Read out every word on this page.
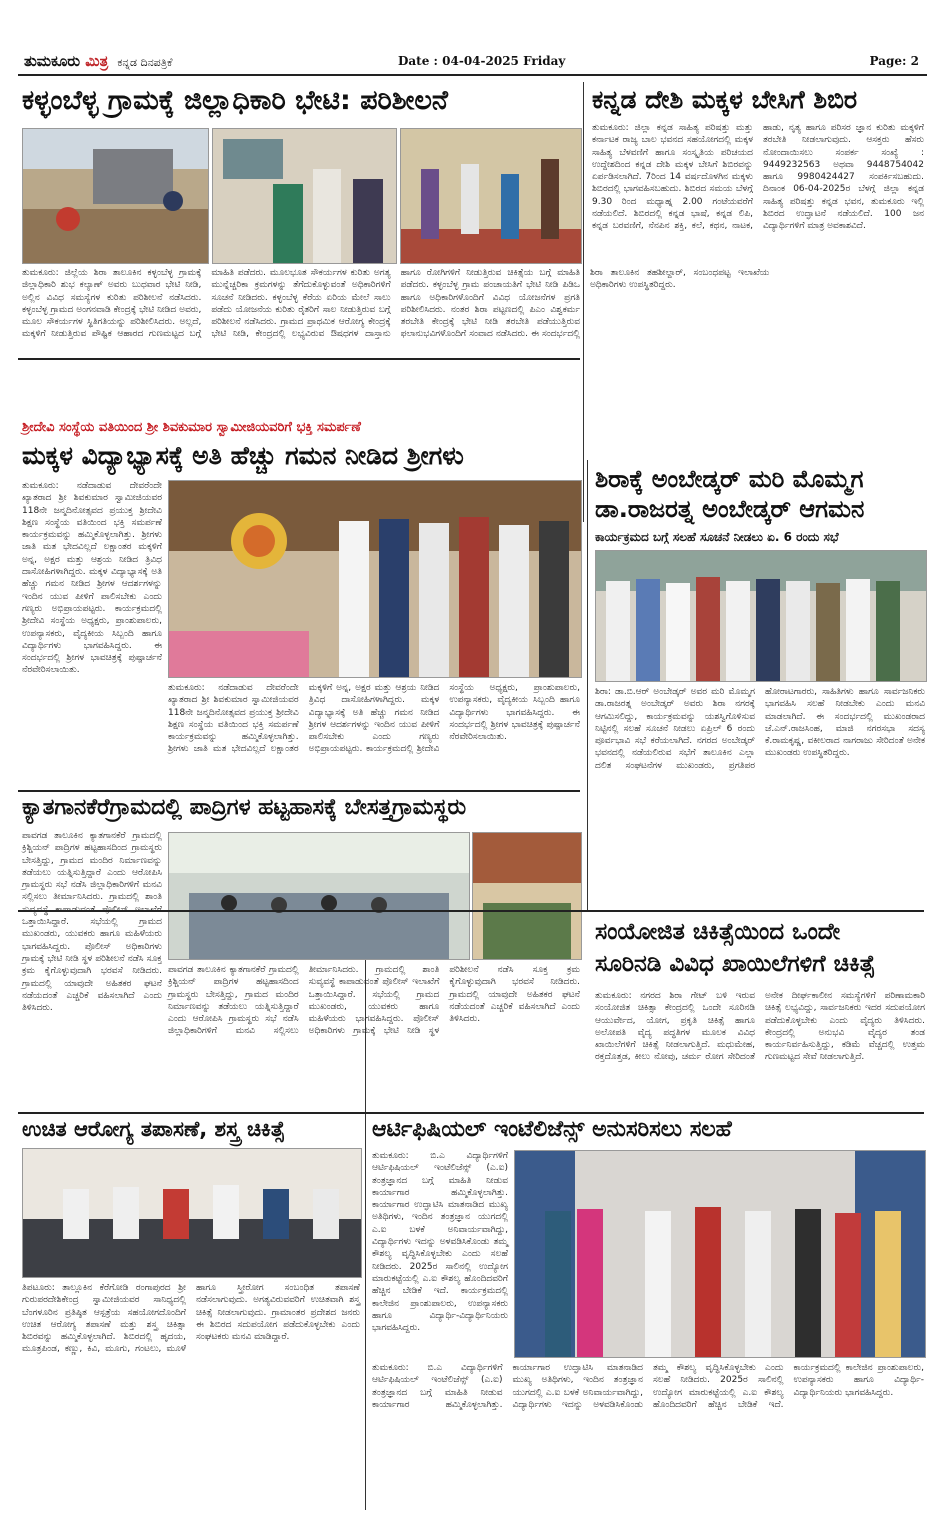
ತುಮಕೂರು ಮಿತ್ರ ಕನ್ನಡ ದಿನಪತ್ರಿಕೆ	Date : 04-04-2025 Friday	Page: 2
ಕಳ್ಳಂಬೆಳ್ಳ ಗ್ರಾಮಕ್ಕೆ ಜಿಲ್ಲಾಧಿಕಾರಿ ಭೇಟಿ: ಪರಿಶೀಲನೆ
ತುಮಕೂರು: ಜಿಲ್ಲೆಯ ಶಿರಾ ತಾಲೂಕಿನ ಕಳ್ಳಂಬೆಳ್ಳ ಗ್ರಾಮಕ್ಕೆ ಜಿಲ್ಲಾಧಿಕಾರಿ ಶುಭ ಕಲ್ಯಾಣ್ ಅವರು ಬುಧವಾರ ಭೇಟಿ ನೀಡಿ, ಅಲ್ಲಿನ ವಿವಿಧ ಸಮಸ್ಯೆಗಳ ಕುರಿತು ಪರಿಶೀಲನೆ ನಡೆಸಿದರು. ಕಳ್ಳಂಬೆಳ್ಳ ಗ್ರಾಮದ ಅಂಗನವಾಡಿ ಕೇಂದ್ರಕ್ಕೆ ಭೇಟಿ ನೀಡಿದ ಅವರು, ಮೂಲ ಸೌಕರ್ಯಗಳ ಸ್ಥಿತಿಗತಿಯನ್ನು ಪರಿಶೀಲಿಸಿದರು. ಅಲ್ಲದೆ, ಮಕ್ಕಳಿಗೆ ನೀಡುತ್ತಿರುವ ಪೌಷ್ಟಿಕ ಆಹಾರದ ಗುಣಮಟ್ಟದ ಬಗ್ಗೆ ಮಾಹಿತಿ ಪಡೆದರು. ಮೂಲಭೂತ ಸೌಕರ್ಯಗಳ ಕುರಿತು ಅಗತ್ಯ ಮುನ್ನೆಚ್ಚರಿಕಾ ಕ್ರಮಗಳನ್ನು ತೆಗೆದುಕೊಳ್ಳುವಂತೆ ಅಧಿಕಾರಿಗಳಿಗೆ ಸೂಚನೆ ನೀಡಿದರು. ಕಳ್ಳಂಬೆಳ್ಳ ಕೆರೆಯ ಏರಿಯ ಮೇಲೆ ಸಾಲು ಪಡೆದು ಯೋಜನೆಯ ಕುರಿತು ರೈತರಿಗೆ ಸಾಲ ನೀಡುತ್ತಿರುವ ಬಗ್ಗೆ ಪರಿಶೀಲನೆ ನಡೆಸಿದರು. ಗ್ರಾಮದ ಪ್ರಾಥಮಿಕ ಆರೋಗ್ಯ ಕೇಂದ್ರಕ್ಕೆ ಭೇಟಿ ನೀಡಿ, ಕೇಂದ್ರದಲ್ಲಿ ಲಭ್ಯವಿರುವ ಔಷಧಗಳ ದಾಸ್ತಾನು ಹಾಗೂ ರೋಗಿಗಳಿಗೆ ನೀಡುತ್ತಿರುವ ಚಿಕಿತ್ಸೆಯ ಬಗ್ಗೆ ಮಾಹಿತಿ ಪಡೆದರು. ಕಳ್ಳಂಬೆಳ್ಳ ಗ್ರಾಮ ಪಂಚಾಯತಿಗೆ ಭೇಟಿ ನೀಡಿ ಪಿಡಿಒ ಹಾಗೂ ಅಧಿಕಾರಿಗಳೊಂದಿಗೆ ವಿವಿಧ ಯೋಜನೆಗಳ ಪ್ರಗತಿ ಪರಿಶೀಲಿಸಿದರು. ನಂತರ ಶಿರಾ ಪಟ್ಟಣದಲ್ಲಿ ಪಿಎಂ ವಿಶ್ವಕರ್ಮ ತರಬೇತಿ ಕೇಂದ್ರಕ್ಕೆ ಭೇಟಿ ನೀಡಿ ತರಬೇತಿ ಪಡೆಯುತ್ತಿರುವ ಫಲಾನುಭವಿಗಳೊಂದಿಗೆ ಸಂವಾದ ನಡೆಸಿದರು. ಈ ಸಂದರ್ಭದಲ್ಲಿ ಶಿರಾ ತಾಲೂಕಿನ ತಹಶೀಲ್ದಾರ್, ಸಂಬಂಧಪಟ್ಟ ಇಲಾಖೆಯ ಅಧಿಕಾರಿಗಳು ಉಪಸ್ಥಿತರಿದ್ದರು.
ಕನ್ನಡ ದೇಶಿ ಮಕ್ಕಳ ಬೇಸಿಗೆ ಶಿಬಿರ
ತುಮಕೂರು: ಜಿಲ್ಲಾ ಕನ್ನಡ ಸಾಹಿತ್ಯ ಪರಿಷತ್ತು ಮತ್ತು ಕರ್ನಾಟಕ ರಾಜ್ಯ ಬಾಲ ಭವನದ ಸಹಯೋಗದಲ್ಲಿ ಮಕ್ಕಳ ಸಾಹಿತ್ಯ ಬೆಳವಣಿಗೆ ಹಾಗೂ ಸಂಸ್ಕೃತಿಯ ಪರಿಚಯದ ಉದ್ದೇಶದಿಂದ ಕನ್ನಡ ದೇಶಿ ಮಕ್ಕಳ ಬೇಸಿಗೆ ಶಿಬಿರವನ್ನು ಏರ್ಪಡಿಸಲಾಗಿದೆ. 7ರಿಂದ 14 ವರ್ಷದೊಳಗಿನ ಮಕ್ಕಳು ಶಿಬಿರದಲ್ಲಿ ಭಾಗವಹಿಸಬಹುದು. ಶಿಬಿರದ ಸಮಯ ಬೆಳಗ್ಗೆ 9.30 ರಿಂದ ಮಧ್ಯಾಹ್ನ 2.00 ಗಂಟೆಯವರೆಗೆ ನಡೆಯಲಿದೆ. ಶಿಬಿರದಲ್ಲಿ ಕನ್ನಡ ಭಾಷೆ, ಕನ್ನಡ ಲಿಪಿ, ಕನ್ನಡ ಬರವಣಿಗೆ, ನೆನಪಿನ ಶಕ್ತಿ, ಕಲೆ, ಕಥನ, ನಾಟಕ, ಹಾಡು, ನೃತ್ಯ ಹಾಗೂ ಪರಿಸರ ಜ್ಞಾನ ಕುರಿತು ಮಕ್ಕಳಿಗೆ ತರಬೇತಿ ನೀಡಲಾಗುವುದು. ಆಸಕ್ತರು ಹೆಸರು ನೋಂದಾಯಿಸಲು ಸಂಪರ್ಕ ಸಂಖ್ಯೆ : 9449232563 ಅಥವಾ 9448754042 ಹಾಗೂ 9980424427 ಸಂಪರ್ಕಿಸಬಹುದು. ದಿನಾಂಕ 06-04-2025ರ ಬೆಳಗ್ಗೆ ಜಿಲ್ಲಾ ಕನ್ನಡ ಸಾಹಿತ್ಯ ಪರಿಷತ್ತು ಕನ್ನಡ ಭವನ, ತುಮಕೂರು ಇಲ್ಲಿ ಶಿಬಿರದ ಉದ್ಘಾಟನೆ ನಡೆಯಲಿದೆ. 100 ಜನ ವಿದ್ಯಾರ್ಥಿಗಳಿಗೆ ಮಾತ್ರ ಅವಕಾಶವಿದೆ.
ಶ್ರೀದೇವಿ ಸಂಸ್ಥೆಯ ವತಿಯಿಂದ ಶ್ರೀ ಶಿವಕುಮಾರ ಸ್ವಾಮೀಜಿಯವರಿಗೆ ಭಕ್ತಿ ಸಮರ್ಪಣೆ
ಮಕ್ಕಳ ವಿದ್ಯಾಭ್ಯಾಸಕ್ಕೆ ಅತಿ ಹೆಚ್ಚು ಗಮನ ನೀಡಿದ ಶ್ರೀಗಳು
ತುಮಕೂರು: ನಡೆದಾಡುವ ದೇವರೆಂದೇ ಖ್ಯಾತರಾದ ಶ್ರೀ ಶಿವಕುಮಾರ ಸ್ವಾಮೀಜಿಯವರ 118ನೇ ಜನ್ಮದಿನೋತ್ಸವದ ಪ್ರಯುಕ್ತ ಶ್ರೀದೇವಿ ಶಿಕ್ಷಣ ಸಂಸ್ಥೆಯ ವತಿಯಿಂದ ಭಕ್ತಿ ಸಮರ್ಪಣೆ ಕಾರ್ಯಕ್ರಮವನ್ನು ಹಮ್ಮಿಕೊಳ್ಳಲಾಗಿತ್ತು. ಶ್ರೀಗಳು ಜಾತಿ ಮತ ಭೇದವಿಲ್ಲದೆ ಲಕ್ಷಾಂತರ ಮಕ್ಕಳಿಗೆ ಅನ್ನ, ಅಕ್ಷರ ಮತ್ತು ಆಶ್ರಯ ನೀಡಿದ ತ್ರಿವಿಧ ದಾಸೋಹಿಗಳಾಗಿದ್ದರು. ಮಕ್ಕಳ ವಿದ್ಯಾಭ್ಯಾಸಕ್ಕೆ ಅತಿ ಹೆಚ್ಚು ಗಮನ ನೀಡಿದ ಶ್ರೀಗಳ ಆದರ್ಶಗಳನ್ನು ಇಂದಿನ ಯುವ ಪೀಳಿಗೆ ಪಾಲಿಸಬೇಕು ಎಂದು ಗಣ್ಯರು ಅಭಿಪ್ರಾಯಪಟ್ಟರು. ಕಾರ್ಯಕ್ರಮದಲ್ಲಿ ಶ್ರೀದೇವಿ ಸಂಸ್ಥೆಯ ಅಧ್ಯಕ್ಷರು, ಪ್ರಾಂಶುಪಾಲರು, ಉಪನ್ಯಾಸಕರು, ವೈದ್ಯಕೀಯ ಸಿಬ್ಬಂದಿ ಹಾಗೂ ವಿದ್ಯಾರ್ಥಿಗಳು ಭಾಗವಹಿಸಿದ್ದರು. ಈ ಸಂದರ್ಭದಲ್ಲಿ ಶ್ರೀಗಳ ಭಾವಚಿತ್ರಕ್ಕೆ ಪುಷ್ಪಾರ್ಚನೆ ನೆರವೇರಿಸಲಾಯಿತು.
ತುಮಕೂರು: ನಡೆದಾಡುವ ದೇವರೆಂದೇ ಖ್ಯಾತರಾದ ಶ್ರೀ ಶಿವಕುಮಾರ ಸ್ವಾಮೀಜಿಯವರ 118ನೇ ಜನ್ಮದಿನೋತ್ಸವದ ಪ್ರಯುಕ್ತ ಶ್ರೀದೇವಿ ಶಿಕ್ಷಣ ಸಂಸ್ಥೆಯ ವತಿಯಿಂದ ಭಕ್ತಿ ಸಮರ್ಪಣೆ ಕಾರ್ಯಕ್ರಮವನ್ನು ಹಮ್ಮಿಕೊಳ್ಳಲಾಗಿತ್ತು. ಶ್ರೀಗಳು ಜಾತಿ ಮತ ಭೇದವಿಲ್ಲದೆ ಲಕ್ಷಾಂತರ ಮಕ್ಕಳಿಗೆ ಅನ್ನ, ಅಕ್ಷರ ಮತ್ತು ಆಶ್ರಯ ನೀಡಿದ ತ್ರಿವಿಧ ದಾಸೋಹಿಗಳಾಗಿದ್ದರು. ಮಕ್ಕಳ ವಿದ್ಯಾಭ್ಯಾಸಕ್ಕೆ ಅತಿ ಹೆಚ್ಚು ಗಮನ ನೀಡಿದ ಶ್ರೀಗಳ ಆದರ್ಶಗಳನ್ನು ಇಂದಿನ ಯುವ ಪೀಳಿಗೆ ಪಾಲಿಸಬೇಕು ಎಂದು ಗಣ್ಯರು ಅಭಿಪ್ರಾಯಪಟ್ಟರು. ಕಾರ್ಯಕ್ರಮದಲ್ಲಿ ಶ್ರೀದೇವಿ ಸಂಸ್ಥೆಯ ಅಧ್ಯಕ್ಷರು, ಪ್ರಾಂಶುಪಾಲರು, ಉಪನ್ಯಾಸಕರು, ವೈದ್ಯಕೀಯ ಸಿಬ್ಬಂದಿ ಹಾಗೂ ವಿದ್ಯಾರ್ಥಿಗಳು ಭಾಗವಹಿಸಿದ್ದರು. ಈ ಸಂದರ್ಭದಲ್ಲಿ ಶ್ರೀಗಳ ಭಾವಚಿತ್ರಕ್ಕೆ ಪುಷ್ಪಾರ್ಚನೆ ನೆರವೇರಿಸಲಾಯಿತು.
ಶಿರಾಕ್ಕೆ ಅಂಬೇಡ್ಕರ್ ಮರಿ ಮೊಮ್ಮಗ
ಡಾ.ರಾಜರತ್ನ ಅಂಬೇಡ್ಕರ್ ಆಗಮನ
ಕಾರ್ಯಕ್ರಮದ ಬಗ್ಗೆ ಸಲಹೆ ಸೂಚನೆ ನೀಡಲು ಏ. 6 ರಂದು ಸಭೆ
ಶಿರಾ: ಡಾ.ಬಿ.ಆರ್ ಅಂಬೇಡ್ಕರ್ ಅವರ ಮರಿ ಮೊಮ್ಮಗ ಡಾ.ರಾಜರತ್ನ ಅಂಬೇಡ್ಕರ್ ಅವರು ಶಿರಾ ನಗರಕ್ಕೆ ಆಗಮಿಸಲಿದ್ದು, ಕಾರ್ಯಕ್ರಮವನ್ನು ಯಶಸ್ವಿಗೊಳಿಸುವ ನಿಟ್ಟಿನಲ್ಲಿ ಸಲಹೆ ಸೂಚನೆ ನೀಡಲು ಏಪ್ರಿಲ್ 6 ರಂದು ಪೂರ್ವಭಾವಿ ಸಭೆ ಕರೆಯಲಾಗಿದೆ. ನಗರದ ಅಂಬೇಡ್ಕರ್ ಭವನದಲ್ಲಿ ನಡೆಯಲಿರುವ ಸಭೆಗೆ ತಾಲೂಕಿನ ಎಲ್ಲಾ ದಲಿತ ಸಂಘಟನೆಗಳ ಮುಖಂಡರು, ಪ್ರಗತಿಪರ ಹೋರಾಟಗಾರರು, ಸಾಹಿತಿಗಳು ಹಾಗೂ ಸಾರ್ವಜನಿಕರು ಭಾಗವಹಿಸಿ ಸಲಹೆ ನೀಡಬೇಕು ಎಂದು ಮನವಿ ಮಾಡಲಾಗಿದೆ. ಈ ಸಂದರ್ಭದಲ್ಲಿ ಮುಖಂಡರಾದ ಜೆ.ಎನ್.ರಾಜಸಿಂಹ, ಮಾಜಿ ನಗರಸಭಾ ಸದಸ್ಯ ಕೆ.ರಾಮಕೃಷ್ಣ, ವಕೀಲರಾದ ನಾಗರಾಜು ಸೇರಿದಂತೆ ಅನೇಕ ಮುಖಂಡರು ಉಪಸ್ಥಿತರಿದ್ದರು.
ಕ್ಯಾತಗಾನಕೆರೆಗ್ರಾಮದಲ್ಲಿ ಪಾದ್ರಿಗಳ ಹಟ್ಟಹಾಸಕ್ಕೆ ಬೇಸತ್ತಗ್ರಾಮಸ್ಥರು
ಪಾವಗಡ ತಾಲೂಕಿನ ಕ್ಯಾತಗಾನಕೆರೆ ಗ್ರಾಮದಲ್ಲಿ ಕ್ರಿಶ್ಚಿಯನ್ ಪಾದ್ರಿಗಳ ಹಟ್ಟಹಾಸದಿಂದ ಗ್ರಾಮಸ್ಥರು ಬೇಸತ್ತಿದ್ದು, ಗ್ರಾಮದ ಮಂದಿರ ನಿರ್ಮಾಣವನ್ನು ತಡೆಯಲು ಯತ್ನಿಸುತ್ತಿದ್ದಾರೆ ಎಂದು ಆರೋಪಿಸಿ ಗ್ರಾಮಸ್ಥರು ಸಭೆ ನಡೆಸಿ ಜಿಲ್ಲಾಧಿಕಾರಿಗಳಿಗೆ ಮನವಿ ಸಲ್ಲಿಸಲು ತೀರ್ಮಾನಿಸಿದರು. ಗ್ರಾಮದಲ್ಲಿ ಶಾಂತಿ ಒತ್ತಾಯಿಸಿದ್ದಾರೆ. ಸಭೆಯಲ್ಲಿ ಗ್ರಾಮದ ಮುಖಂಡರು, ಯುವಕರು ಹಾಗೂ ಮಹಿಳೆಯರು ಭಾಗವಹಿಸಿದ್ದರು. ಪೊಲೀಸ್ ಅಧಿಕಾರಿಗಳು ಗ್ರಾಮಕ್ಕೆ ಭೇಟಿ ನೀಡಿ ಸ್ಥಳ ಪರಿಶೀಲನೆ ನಡೆಸಿ ಸೂಕ್ತ ಕ್ರಮ ಕೈಗೊಳ್ಳುವುದಾಗಿ ಭರವಸೆ ನೀಡಿದರು. ಗ್ರಾಮದಲ್ಲಿ ಯಾವುದೇ ಅಹಿತಕರ ಘಟನೆ ನಡೆಯದಂತೆ ಎಚ್ಚರಿಕೆ ವಹಿಸಲಾಗಿದೆ ಎಂದು ತಿಳಿಸಿದರು.
ಪಾವಗಡ ತಾಲೂಕಿನ ಕ್ಯಾತಗಾನಕೆರೆ ಗ್ರಾಮದಲ್ಲಿ ಕ್ರಿಶ್ಚಿಯನ್ ಪಾದ್ರಿಗಳ ಹಟ್ಟಹಾಸದಿಂದ ಗ್ರಾಮಸ್ಥರು ಬೇಸತ್ತಿದ್ದು, ಗ್ರಾಮದ ಮಂದಿರ ನಿರ್ಮಾಣವನ್ನು ತಡೆಯಲು ಯತ್ನಿಸುತ್ತಿದ್ದಾರೆ ಎಂದು ಆರೋಪಿಸಿ ಗ್ರಾಮಸ್ಥರು ಸಭೆ ನಡೆಸಿ ಜಿಲ್ಲಾಧಿಕಾರಿಗಳಿಗೆ ಮನವಿ ಸಲ್ಲಿಸಲು ತೀರ್ಮಾನಿಸಿದರು. ಗ್ರಾಮದಲ್ಲಿ ಶಾಂತಿ ಸುವ್ಯವಸ್ಥೆ ಕಾಪಾಡುವಂತೆ ಪೊಲೀಸ್ ಇಲಾಖೆಗೆ ಒತ್ತಾಯಿಸಿದ್ದಾರೆ. ಸಭೆಯಲ್ಲಿ ಗ್ರಾಮದ ಮುಖಂಡರು, ಯುವಕರು ಹಾಗೂ ಮಹಿಳೆಯರು ಭಾಗವಹಿಸಿದ್ದರು. ಪೊಲೀಸ್ ಅಧಿಕಾರಿಗಳು ಗ್ರಾಮಕ್ಕೆ ಭೇಟಿ ನೀಡಿ ಸ್ಥಳ ಪರಿಶೀಲನೆ ನಡೆಸಿ ಸೂಕ್ತ ಕ್ರಮ ಕೈಗೊಳ್ಳುವುದಾಗಿ ಭರವಸೆ ನೀಡಿದರು. ಗ್ರಾಮದಲ್ಲಿ ಯಾವುದೇ ಅಹಿತಕರ ಘಟನೆ ನಡೆಯದಂತೆ ಎಚ್ಚರಿಕೆ ವಹಿಸಲಾಗಿದೆ ಎಂದು ತಿಳಿಸಿದರು.
ಸಂಯೋಜಿತ ಚಿಕಿತ್ಸೆಯಿಂದ ಒಂದೇ
ಸೂರಿನಡಿ ವಿವಿಧ ಖಾಯಿಲೆಗಳಿಗೆ ಚಿಕಿತ್ಸೆ
ತುಮಕೂರು: ನಗರದ ಶಿರಾ ಗೇಟ್ ಬಳಿ ಇರುವ ಸಂಯೋಜಿತ ಚಿಕಿತ್ಸಾ ಕೇಂದ್ರದಲ್ಲಿ ಒಂದೇ ಸೂರಿನಡಿ ಆಯುರ್ವೇದ, ಯೋಗ, ಪ್ರಕೃತಿ ಚಿಕಿತ್ಸೆ ಹಾಗೂ ಅಲೋಪತಿ ವೈದ್ಯ ಪದ್ಧತಿಗಳ ಮೂಲಕ ವಿವಿಧ ಖಾಯಿಲೆಗಳಿಗೆ ಚಿಕಿತ್ಸೆ ನೀಡಲಾಗುತ್ತಿದೆ. ಮಧುಮೇಹ, ರಕ್ತದೊತ್ತಡ, ಕೀಲು ನೋವು, ಚರ್ಮ ರೋಗ ಸೇರಿದಂತೆ ಅನೇಕ ದೀರ್ಘಕಾಲೀನ ಸಮಸ್ಯೆಗಳಿಗೆ ಪರಿಣಾಮಕಾರಿ ಚಿಕಿತ್ಸೆ ಲಭ್ಯವಿದ್ದು, ಸಾರ್ವಜನಿಕರು ಇದರ ಸದುಪಯೋಗ ಪಡೆದುಕೊಳ್ಳಬೇಕು ಎಂದು ವೈದ್ಯರು ತಿಳಿಸಿದರು. ಕೇಂದ್ರದಲ್ಲಿ ಅನುಭವಿ ವೈದ್ಯರ ತಂಡ ಕಾರ್ಯನಿರ್ವಹಿಸುತ್ತಿದ್ದು, ಕಡಿಮೆ ವೆಚ್ಚದಲ್ಲಿ ಉತ್ತಮ ಗುಣಮಟ್ಟದ ಸೇವೆ ನೀಡಲಾಗುತ್ತಿದೆ.
ಉಚಿತ ಆರೋಗ್ಯ ತಪಾಸಣೆ, ಶಸ್ತ್ರ ಚಿಕಿತ್ಸೆ
ತಿಪಟೂರು: ತಾಲ್ಲೂಕಿನ ಕೆರೆಗೋಡಿ ರಂಗಾಪುರದ ಶ್ರೀ ಗುರುಪರದೇಶಿಕೇಂದ್ರ ಸ್ವಾಮೀಜಿಯವರ ಸಾನಿಧ್ಯದಲ್ಲಿ ಬೆಂಗಳೂರಿನ ಪ್ರತಿಷ್ಠಿತ ಆಸ್ಪತ್ರೆಯ ಸಹಯೋಗದೊಂದಿಗೆ ಉಚಿತ ಆರೋಗ್ಯ ತಪಾಸಣೆ ಮತ್ತು ಶಸ್ತ್ರ ಚಿಕಿತ್ಸಾ ಶಿಬಿರವನ್ನು ಹಮ್ಮಿಕೊಳ್ಳಲಾಗಿದೆ. ಶಿಬಿರದಲ್ಲಿ ಹೃದಯ, ಮೂತ್ರಪಿಂಡ, ಕಣ್ಣು, ಕಿವಿ, ಮೂಗು, ಗಂಟಲು, ಮೂಳೆ ಹಾಗೂ ಸ್ತ್ರೀರೋಗ ಸಂಬಂಧಿತ ತಪಾಸಣೆ ನಡೆಸಲಾಗುವುದು. ಅಗತ್ಯವಿರುವವರಿಗೆ ಉಚಿತವಾಗಿ ಶಸ್ತ್ರ ಚಿಕಿತ್ಸೆ ನೀಡಲಾಗುವುದು. ಗ್ರಾಮಾಂತರ ಪ್ರದೇಶದ ಜನರು ಈ ಶಿಬಿರದ ಸದುಪಯೋಗ ಪಡೆದುಕೊಳ್ಳಬೇಕು ಎಂದು ಸಂಘಟಕರು ಮನವಿ ಮಾಡಿದ್ದಾರೆ.
ಆರ್ಟಿಫಿಷಿಯಲ್ ಇಂಟೆಲಿಜೆನ್ಸ್ ಅನುಸರಿಸಲು ಸಲಹೆ
ತುಮಕೂರು: ಬಿ.ಎ ವಿದ್ಯಾರ್ಥಿಗಳಿಗೆ ಆರ್ಟಿಫಿಷಿಯಲ್ ಇಂಟೆಲಿಜೆನ್ಸ್ (ಎ.ಐ) ತಂತ್ರಜ್ಞಾನದ ಬಗ್ಗೆ ಮಾಹಿತಿ ನೀಡುವ ಕಾರ್ಯಾಗಾರ ಹಮ್ಮಿಕೊಳ್ಳಲಾಗಿತ್ತು. ಕಾರ್ಯಾಗಾರ ಉದ್ಘಾಟಿಸಿ ಮಾತನಾಡಿದ ಮುಖ್ಯ ಅತಿಥಿಗಳು, ಇಂದಿನ ತಂತ್ರಜ್ಞಾನ ಯುಗದಲ್ಲಿ ಎ.ಐ ಬಳಕೆ ಅನಿವಾರ್ಯವಾಗಿದ್ದು, ವಿದ್ಯಾರ್ಥಿಗಳು ಇದನ್ನು ಅಳವಡಿಸಿಕೊಂಡು ತಮ್ಮ ಕೌಶಲ್ಯ ವೃದ್ಧಿಸಿಕೊಳ್ಳಬೇಕು ಎಂದು ಸಲಹೆ ನೀಡಿದರು. 2025ರ ಸಾಲಿನಲ್ಲಿ ಉದ್ಯೋಗ ಮಾರುಕಟ್ಟೆಯಲ್ಲಿ ಎ.ಐ ಕೌಶಲ್ಯ ಹೊಂದಿದವರಿಗೆ ಹೆಚ್ಚಿನ ಬೇಡಿಕೆ ಇದೆ. ಕಾರ್ಯಕ್ರಮದಲ್ಲಿ ಕಾಲೇಜಿನ ಪ್ರಾಂಶುಪಾಲರು, ಉಪನ್ಯಾಸಕರು ಹಾಗೂ ವಿದ್ಯಾರ್ಥಿ-ವಿದ್ಯಾರ್ಥಿನಿಯರು ಭಾಗವಹಿಸಿದ್ದರು.
ತುಮಕೂರು: ಬಿ.ಎ ವಿದ್ಯಾರ್ಥಿಗಳಿಗೆ ಆರ್ಟಿಫಿಷಿಯಲ್ ಇಂಟೆಲಿಜೆನ್ಸ್ (ಎ.ಐ) ತಂತ್ರಜ್ಞಾನದ ಬಗ್ಗೆ ಮಾಹಿತಿ ನೀಡುವ ಕಾರ್ಯಾಗಾರ ಹಮ್ಮಿಕೊಳ್ಳಲಾಗಿತ್ತು. ಕಾರ್ಯಾಗಾರ ಉದ್ಘಾಟಿಸಿ ಮಾತನಾಡಿದ ಮುಖ್ಯ ಅತಿಥಿಗಳು, ಇಂದಿನ ತಂತ್ರಜ್ಞಾನ ಯುಗದಲ್ಲಿ ಎ.ಐ ಬಳಕೆ ಅನಿವಾರ್ಯವಾಗಿದ್ದು, ವಿದ್ಯಾರ್ಥಿಗಳು ಇದನ್ನು ಅಳವಡಿಸಿಕೊಂಡು ತಮ್ಮ ಕೌಶಲ್ಯ ವೃದ್ಧಿಸಿಕೊಳ್ಳಬೇಕು ಎಂದು ಸಲಹೆ ನೀಡಿದರು. 2025ರ ಸಾಲಿನಲ್ಲಿ ಉದ್ಯೋಗ ಮಾರುಕಟ್ಟೆಯಲ್ಲಿ ಎ.ಐ ಕೌಶಲ್ಯ ಹೊಂದಿದವರಿಗೆ ಹೆಚ್ಚಿನ ಬೇಡಿಕೆ ಇದೆ. ಕಾರ್ಯಕ್ರಮದಲ್ಲಿ ಕಾಲೇಜಿನ ಪ್ರಾಂಶುಪಾಲರು, ಉಪನ್ಯಾಸಕರು ಹಾಗೂ ವಿದ್ಯಾರ್ಥಿ-ವಿದ್ಯಾರ್ಥಿನಿಯರು ಭಾಗವಹಿಸಿದ್ದರು.
